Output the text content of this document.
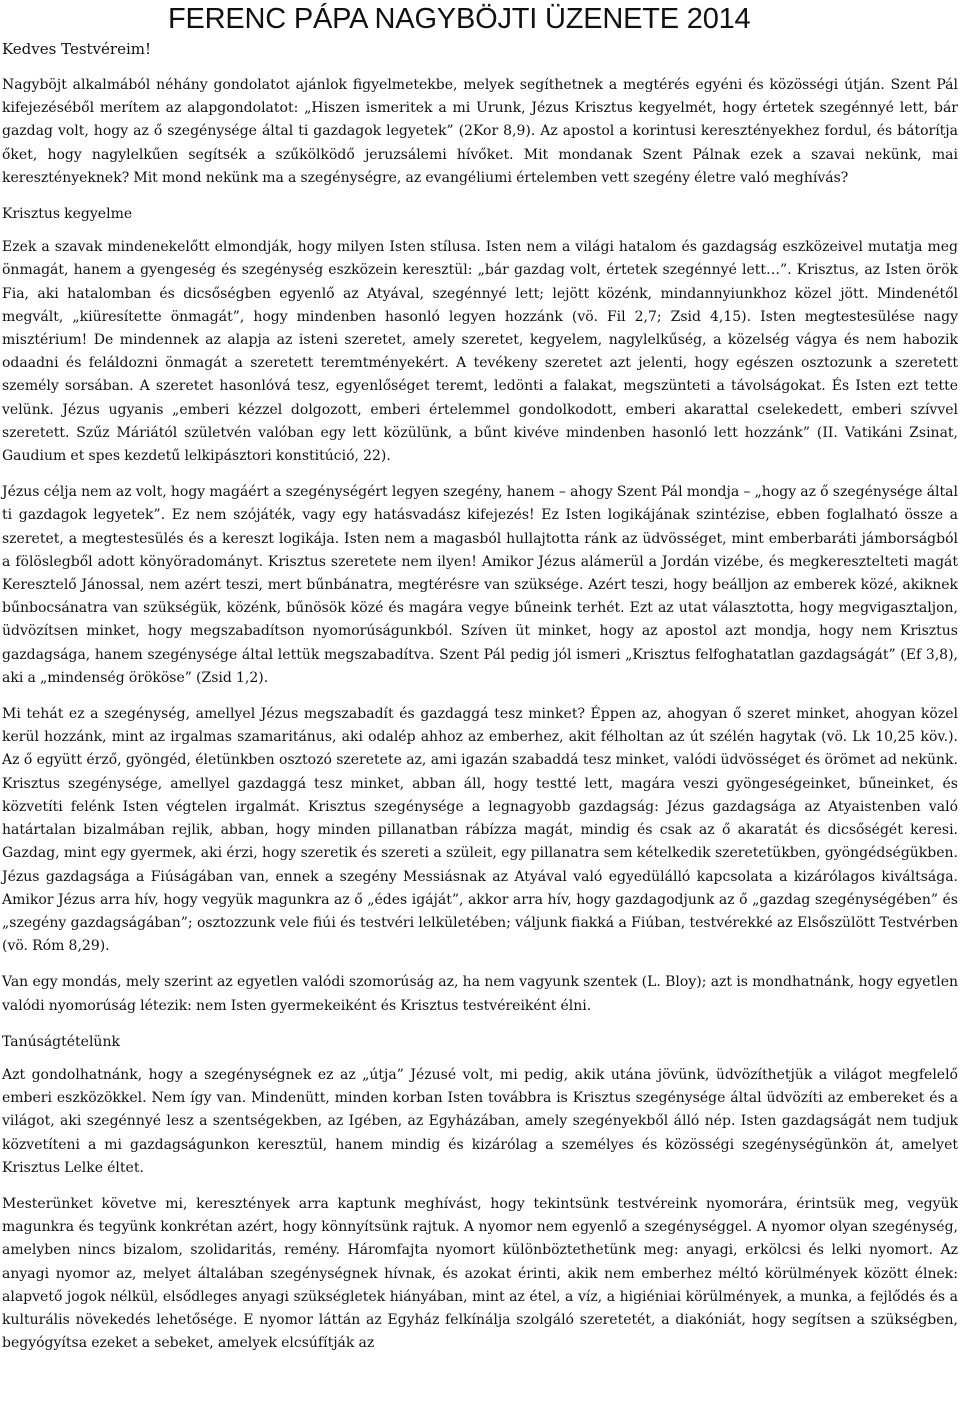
Kedves Testvéreim!
FERENC PÁPA NAGYBÖJTI ÜZENETE 2014

Nagyböjt alkalmából néhány gondolatot ajánlok figyelmetekbe, melyek segíthetnek a megtérés egyéni és közösségi útján. Szent Pál kifejezéséből merítem az alapgondolatot: „Hiszen ismeritek a mi Urunk, Jézus Krisztus kegyelmét, hogy értetek szegénnyé lett, bár gazdag volt, hogy az ő szegénysége által ti gazdagok legyetek” (2Kor 8,9). Az apostol a korintusi keresztényekhez fordul, és bátorítja őket, hogy nagylelkűen segítsék a szűkölködő jeruzsálemi hívőket. Mit mondanak Szent Pálnak ezek a szavai nekünk, mai keresztényeknek? Mit mond nekünk ma a szegénységre, az evangéliumi értelemben vett szegény életre való meghívás?

Krisztus kegyelme

Ezek a szavak mindenekelőtt elmondják, hogy milyen Isten stílusa. Isten nem a világi hatalom és gazdagság eszközeivel mutatja meg önmagát, hanem a gyengeség és szegénység eszközein keresztül: „bár gazdag volt, értetek szegénnyé lett…”. Krisztus, az Isten örök Fia, aki hatalomban és dicsőségben egyenlő az Atyával, szegénnyé lett; lejött közénk, mindannyiunkhoz közel jött. Mindenétől megvált, „kiüresítette önmagát”, hogy mindenben hasonló legyen hozzánk (vö. Fil 2,7; Zsid 4,15). Isten megtestesülése nagy misztérium! De mindennek az alapja az isteni szeretet, amely szeretet, kegyelem, nagylelkűség, a közelség vágya és nem habozik odaadni és feláldozni önmagát a szeretett teremtményekért. A tevékeny szeretet azt jelenti, hogy egészen osztozunk a szeretett személy sorsában. A szeretet hasonlóvá tesz, egyenlőséget teremt, ledönti a falakat, megszünteti a távolságokat. És Isten ezt tette velünk. Jézus ugyanis „emberi kézzel dolgozott, emberi értelemmel gondolkodott, emberi akarattal cselekedett, emberi szívvel szeretett. Szűz Máriától születvén valóban egy lett közülünk, a bűnt kivéve mindenben hasonló lett hozzánk” (II. Vatikáni Zsinat, Gaudium et spes kezdetű lelkipásztori konstitúció, 22).

Jézus célja nem az volt, hogy magáért a szegénységért legyen szegény, hanem – ahogy Szent Pál mondja – „hogy az ő szegénysége által ti gazdagok legyetek”. Ez nem szójáték, vagy egy hatásvadász kifejezés! Ez Isten logikájának szintézise, ebben foglalható össze a szeretet, a megtestesülés és a kereszt logikája. Isten nem a magasból hullajtotta ránk az üdvösséget, mint emberbaráti jámborságból a fölöslegből adott könyöradományt. Krisztus szeretete nem ilyen! Amikor Jézus alámerül a Jordán vizébe, és megkereszteltetі magát Keresztelő Jánossal, nem azért teszi, mert bűnbánatra, megtérésre van szüksége. Azért teszi, hogy beálljon az emberek közé, akiknek bűnbocsánatra van szükségük, közénk, bűnösök közé és magára vegye bűneink terhét. Ezt az utat választotta, hogy megvigasztaljon, üdvözítsen minket, hogy megszabadítson nyomorúságunkból. Szíven üt minket, hogy az apostol azt mondja, hogy nem Krisztus gazdagsága, hanem szegénysége által lettük megszabadítva. Szent Pál pedig jól ismeri „Krisztus felfoghatatlan gazdagságát” (Ef 3,8), aki a „mindenség örököse” (Zsid 1,2).

Mi tehát ez a szegénység, amellyel Jézus megszabadít és gazdaggá tesz minket? Éppen az, ahogyan ő szeret minket, ahogyan közel kerül hozzánk, mint az irgalmas szamaritánus, aki odalép ahhoz az emberhez, akit félholtan az út szélén hagytak (vö. Lk 10,25 köv.). Az ő együtt érző, gyöngéd, életünkben osztozó szeretete az, ami igazán szabaddá tesz minket, valódi üdvösséget és örömet ad nekünk. Krisztus szegénysége, amellyel gazdaggá tesz minket, abban áll, hogy testté lett, magára veszi gyöngeségeinket, bűneinket, és közvetíti felénk Isten végtelen irgalmát. Krisztus szegénysége a legnagyobb gazdagság: Jézus gazdagsága az Atyaistenben való határtalan bizalmában rejlik, abban, hogy minden pillanatban rábízza magát, mindig és csak az ő akaratát és dicsőségét keresi. Gazdag, mint egy gyermek, aki érzi, hogy szeretik és szereti a szüleit, egy pillanatra sem kételkedik szeretetükben, gyöngédségükben. Jézus gazdagsága a Fiúságában van, ennek a szegény Messiásnak az Atyával való egyedülálló kapcsolata a kizárólagos kiváltsága. Amikor Jézus arra hív, hogy vegyük magunkra az ő „édes igáját”, akkor arra hív, hogy gazdagodjunk az ő „gazdag szegénységében” és „szegény gazdagságában”; osztozzunk vele fiúi és testvéri lelkületében; váljunk fiakká a Fiúban, testvérekké az Elsőszülött Testvérben (vö. Róm 8,29).

Van egy mondás, mely szerint az egyetlen valódi szomorúság az, ha nem vagyunk szentek (L. Bloy); azt is mondhatnánk, hogy egyetlen valódi nyomorúság létezik: nem Isten gyermekeiként és Krisztus testvéreiként élni.

Tanúságtételünk

Azt gondolhatnánk, hogy a szegénységnek ez az „útja” Jézusé volt, mi pedig, akik utána jövünk, üdvözíthetjük a világot megfelelő emberi eszközökkel. Nem így van. Mindenütt, minden korban Isten továbbra is Krisztus szegénysége által üdvözíti az embereket és a világot, aki szegénnyé lesz a szentségekben, az Igében, az Egyházában, amely szegényekből álló nép. Isten gazdagságát nem tudjuk közvetíteni a mi gazdagságunkon keresztül, hanem mindig és kizárólag a személyes és közösségi szegénységünkön át, amelyet Krisztus Lelke éltet.

Mesterünket követve mi, keresztények arra kaptunk meghívást, hogy tekintsünk testvéreink nyomorára, érintsük meg, vegyük magunkra és tegyünk konkrétan azért, hogy könnyítsünk rajtuk. A nyomor nem egyenlő a szegénységgel. A nyomor olyan szegénység, amelyben nincs bizalom, szolidaritás, remény. Háromfajta nyomort különböztethetünk meg: anyagi, erkölcsi és lelki nyomort. Az anyagi nyomor az, melyet általában szegénységnek hívnak, és azokat érinti, akik nem emberhez méltó körülmények között élnek: alapvető jogok nélkül, elsődleges anyagi szükségletek hiányában, mint az étel, a víz, a higiéniai körülmények, a munka, a fejlődés és a kulturális növekedés lehetősége. E nyomor láttán az Egyház felkínálja szolgáló szeretetét, a diakóniát, hogy segítsen a szükségben, begyógyítsa ezeket a sebeket, amelyek elcsúfítják az
